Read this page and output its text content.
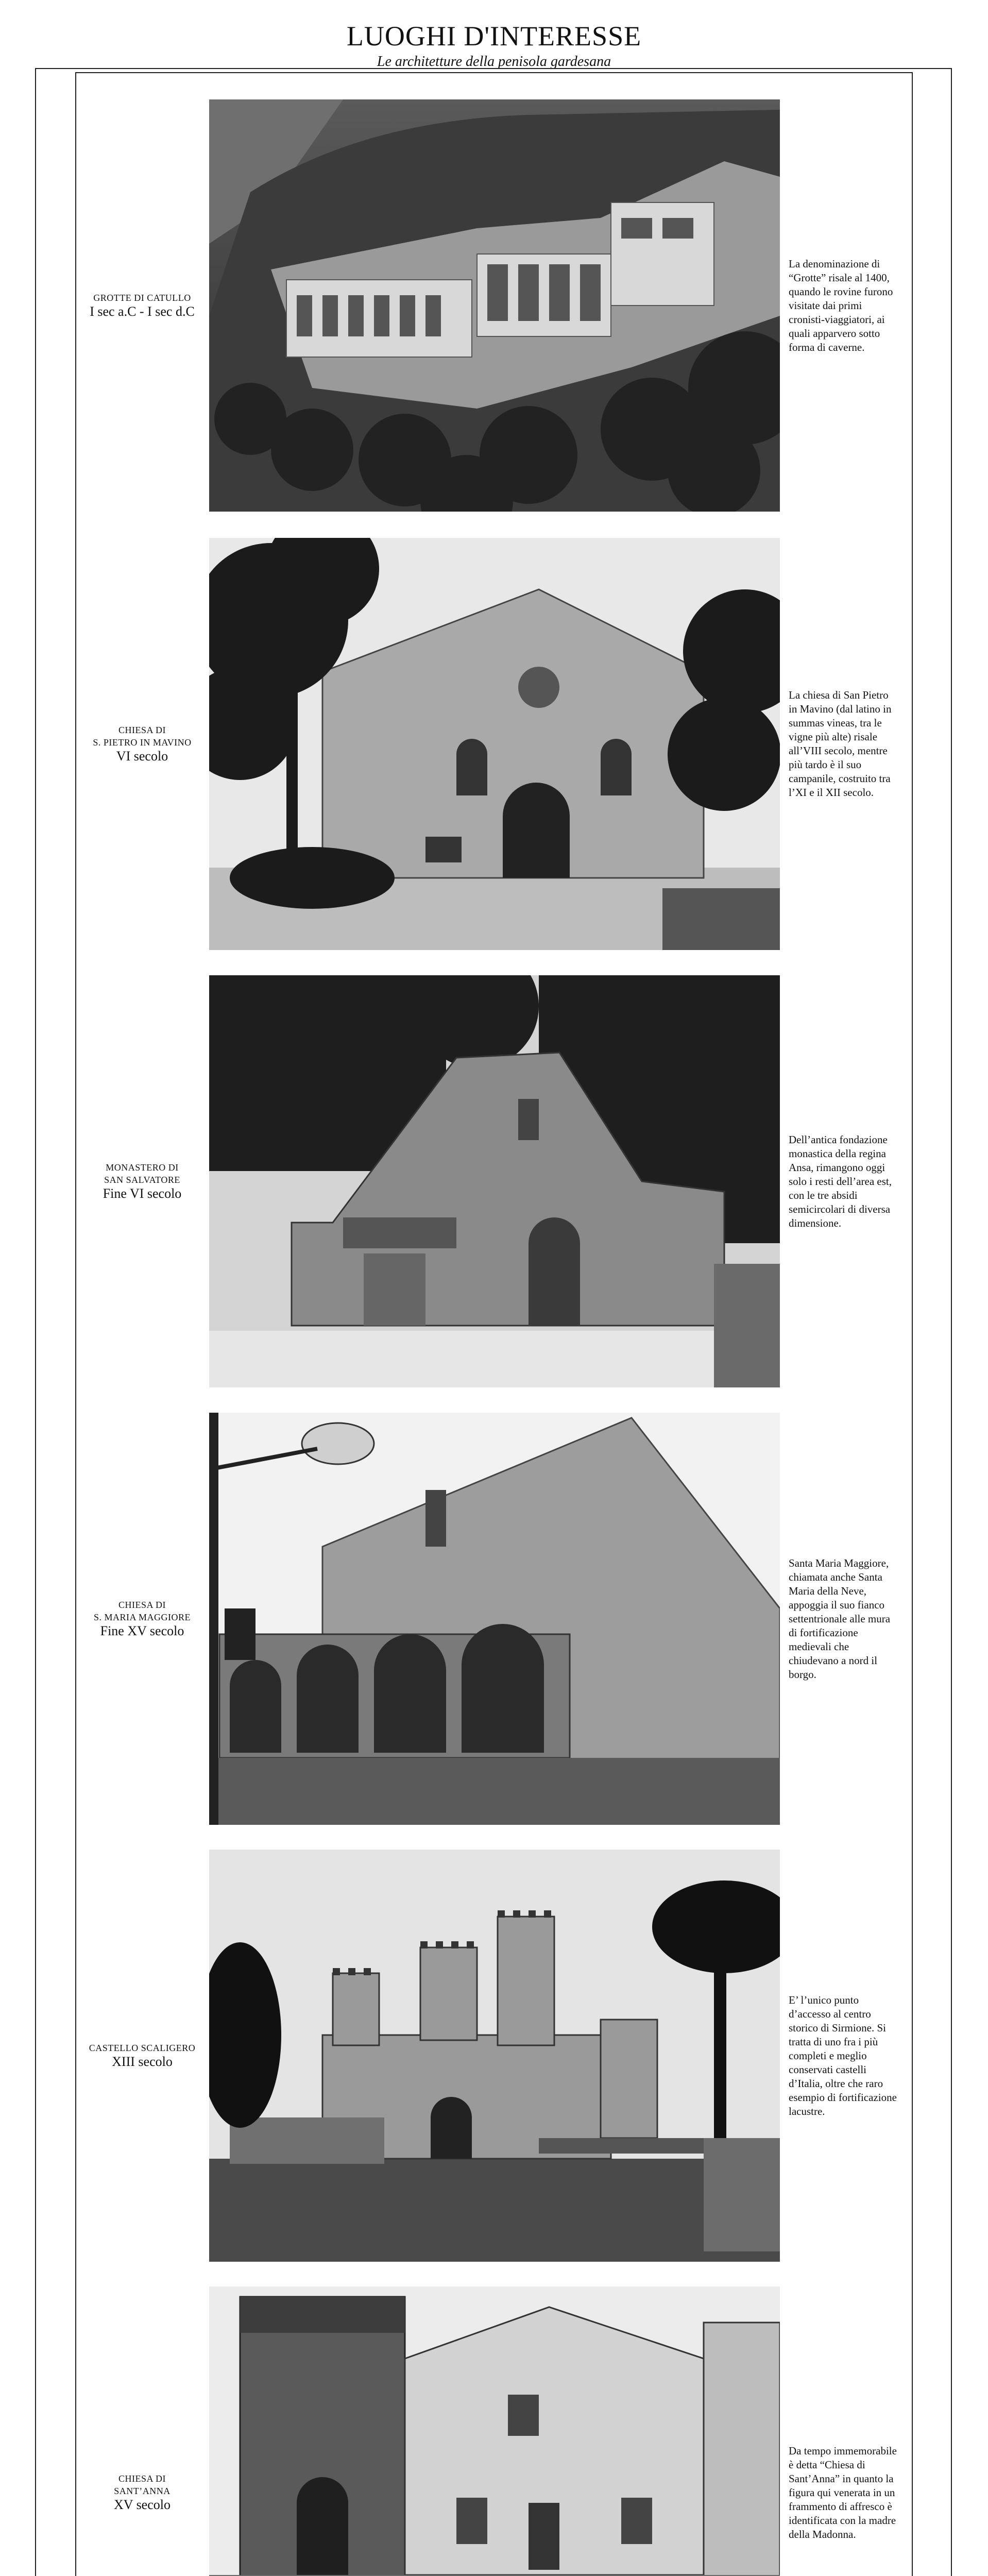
LUOGHI D'INTERESSE
Le architetture della penisola gardesana
GROTTE DI CATULLO
I sec a.C - I sec d.C

La denominazione di “Grotte” risale al 1400, quando le rovine furono visitate dai primi cronisti-viaggiatori, ai quali apparvero sotto forma di caverne.

CHIESA DI
S. PIETRO IN MAVINO
VI secolo

La chiesa di San Pietro in Mavino (dal latino in summas vineas, tra le vigne più alte) risale all’VIII secolo, mentre più tardo è il suo campanile, costruito tra l’XI e il XII secolo.

MONASTERO DI
SAN SALVATORE
Fine VI secolo

Dell’antica fondazione monastica della regina Ansa, rimangono oggi solo i resti dell’area est, con le tre absidi semicircolari di diversa dimensione.

CHIESA DI
S. MARIA MAGGIORE
Fine XV secolo

Santa Maria Maggiore, chiamata anche Santa Maria della Neve, appoggia il suo fianco settentrionale alle mura di fortificazione medievali che chiudevano a nord il borgo.

CASTELLO SCALIGERO
XIII secolo

E’ l’unico punto d’accesso al centro storico di Sirmione. Si tratta di uno fra i più completi e meglio conservati castelli d’Italia, oltre che raro esempio di fortificazione lacustre.

CHIESA DI
SANT’ANNA
XV secolo

Da tempo immemorabile è detta “Chiesa di Sant’Anna” in quanto la figura qui venerata in un frammento di affresco è identificata con la madre della Madonna.
